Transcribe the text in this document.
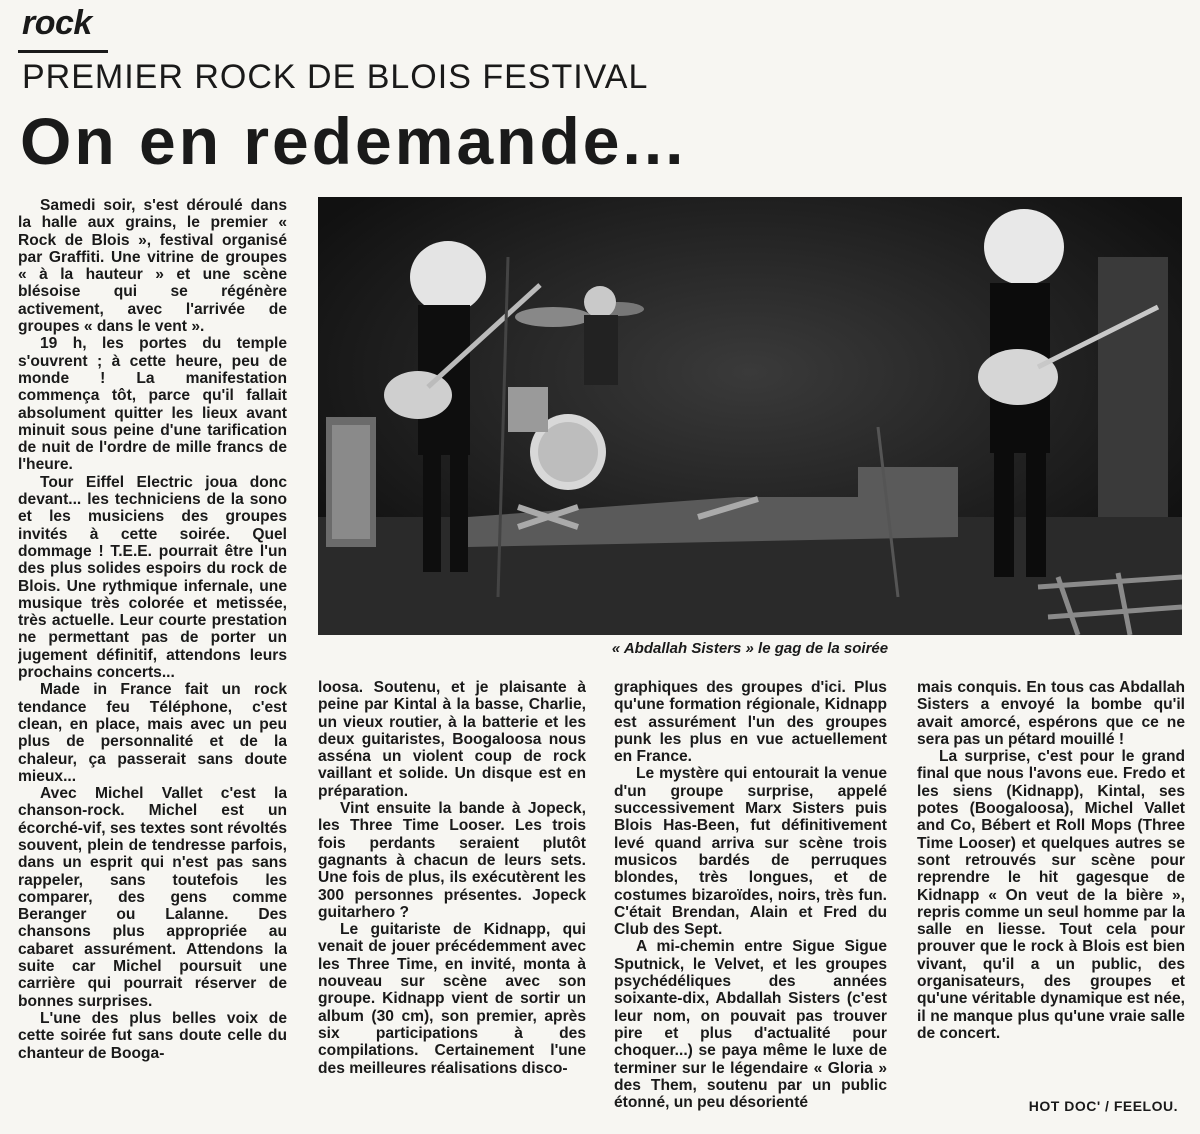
rock
PREMIER ROCK DE BLOIS FESTIVAL
On en redemande...

Samedi soir, s'est déroulé dans la halle aux grains, le premier « Rock de Blois », festival organisé par Graffiti. Une vitrine de groupes « à la hauteur » et une scène blésoise qui se régénère activement, avec l'arrivée de groupes « dans le vent ».

19 h, les portes du temple s'ouvrent ; à cette heure, peu de monde ! La manifestation commença tôt, parce qu'il fallait absolument quitter les lieux avant minuit sous peine d'une tarification de nuit de l'ordre de mille francs de l'heure.

Tour Eiffel Electric joua donc devant... les techniciens de la sono et les musiciens des groupes invités à cette soirée. Quel dommage ! T.E.E. pourrait être l'un des plus solides espoirs du rock de Blois. Une rythmique infernale, une musique très colorée et metissée, très actuelle. Leur courte prestation ne permettant pas de porter un jugement définitif, attendons leurs prochains concerts...

Made in France fait un rock tendance feu Téléphone, c'est clean, en place, mais avec un peu plus de personnalité et de la chaleur, ça passerait sans doute mieux...

Avec Michel Vallet c'est la chanson-rock. Michel est un écorché-vif, ses textes sont révoltés souvent, plein de tendresse parfois, dans un esprit qui n'est pas sans rappeler, sans toutefois les comparer, des gens comme Beranger ou Lalanne. Des chansons plus appropriée au cabaret assurément. Attendons la suite car Michel poursuit une carrière qui pourrait réserver de bonnes surprises.

L'une des plus belles voix de cette soirée fut sans doute celle du chanteur de Booga-

« Abdallah Sisters » le gag de la soirée

loosa. Soutenu, et je plaisante à peine par Kintal à la basse, Charlie, un vieux routier, à la batterie et les deux guitaristes, Boogaloosa nous asséna un violent coup de rock vaillant et solide. Un disque est en préparation.

Vint ensuite la bande à Jopeck, les Three Time Looser. Les trois fois perdants seraient plutôt gagnants à chacun de leurs sets. Une fois de plus, ils exécutèrent les 300 personnes présentes. Jopeck guitarhero ?

Le guitariste de Kidnapp, qui venait de jouer précédemment avec les Three Time, en invité, monta à nouveau sur scène avec son groupe. Kidnapp vient de sortir un album (30 cm), son premier, après six participations à des compilations. Certainement l'une des meilleures réalisations disco-

graphiques des groupes d'ici. Plus qu'une formation régionale, Kidnapp est assurément l'un des groupes punk les plus en vue actuellement en France.

Le mystère qui entourait la venue d'un groupe surprise, appelé successivement Marx Sisters puis Blois Has-Been, fut définitivement levé quand arriva sur scène trois musicos bardés de perruques blondes, très longues, et de costumes bizaroïdes, noirs, très fun. C'était Brendan, Alain et Fred du Club des Sept.

A mi-chemin entre Sigue Sigue Sputnick, le Velvet, et les groupes psychédéliques des années soixante-dix, Abdallah Sisters (c'est leur nom, on pouvait pas trouver pire et plus d'actualité pour choquer...) se paya même le luxe de terminer sur le légendaire « Gloria » des Them, soutenu par un public étonné, un peu désorienté

mais conquis. En tous cas Abdallah Sisters a envoyé la bombe qu'il avait amorcé, espérons que ce ne sera pas un pétard mouillé !

La surprise, c'est pour le grand final que nous l'avons eue. Fredo et les siens (Kidnapp), Kintal, ses potes (Boogaloosa), Michel Vallet and Co, Bébert et Roll Mops (Three Time Looser) et quelques autres se sont retrouvés sur scène pour reprendre le hit gagesque de Kidnapp « On veut de la bière », repris comme un seul homme par la salle en liesse. Tout cela pour prouver que le rock à Blois est bien vivant, qu'il a un public, des organisateurs, des groupes et qu'une véritable dynamique est née, il ne manque plus qu'une vraie salle de concert.

HOT DOC' / FEELOU.
